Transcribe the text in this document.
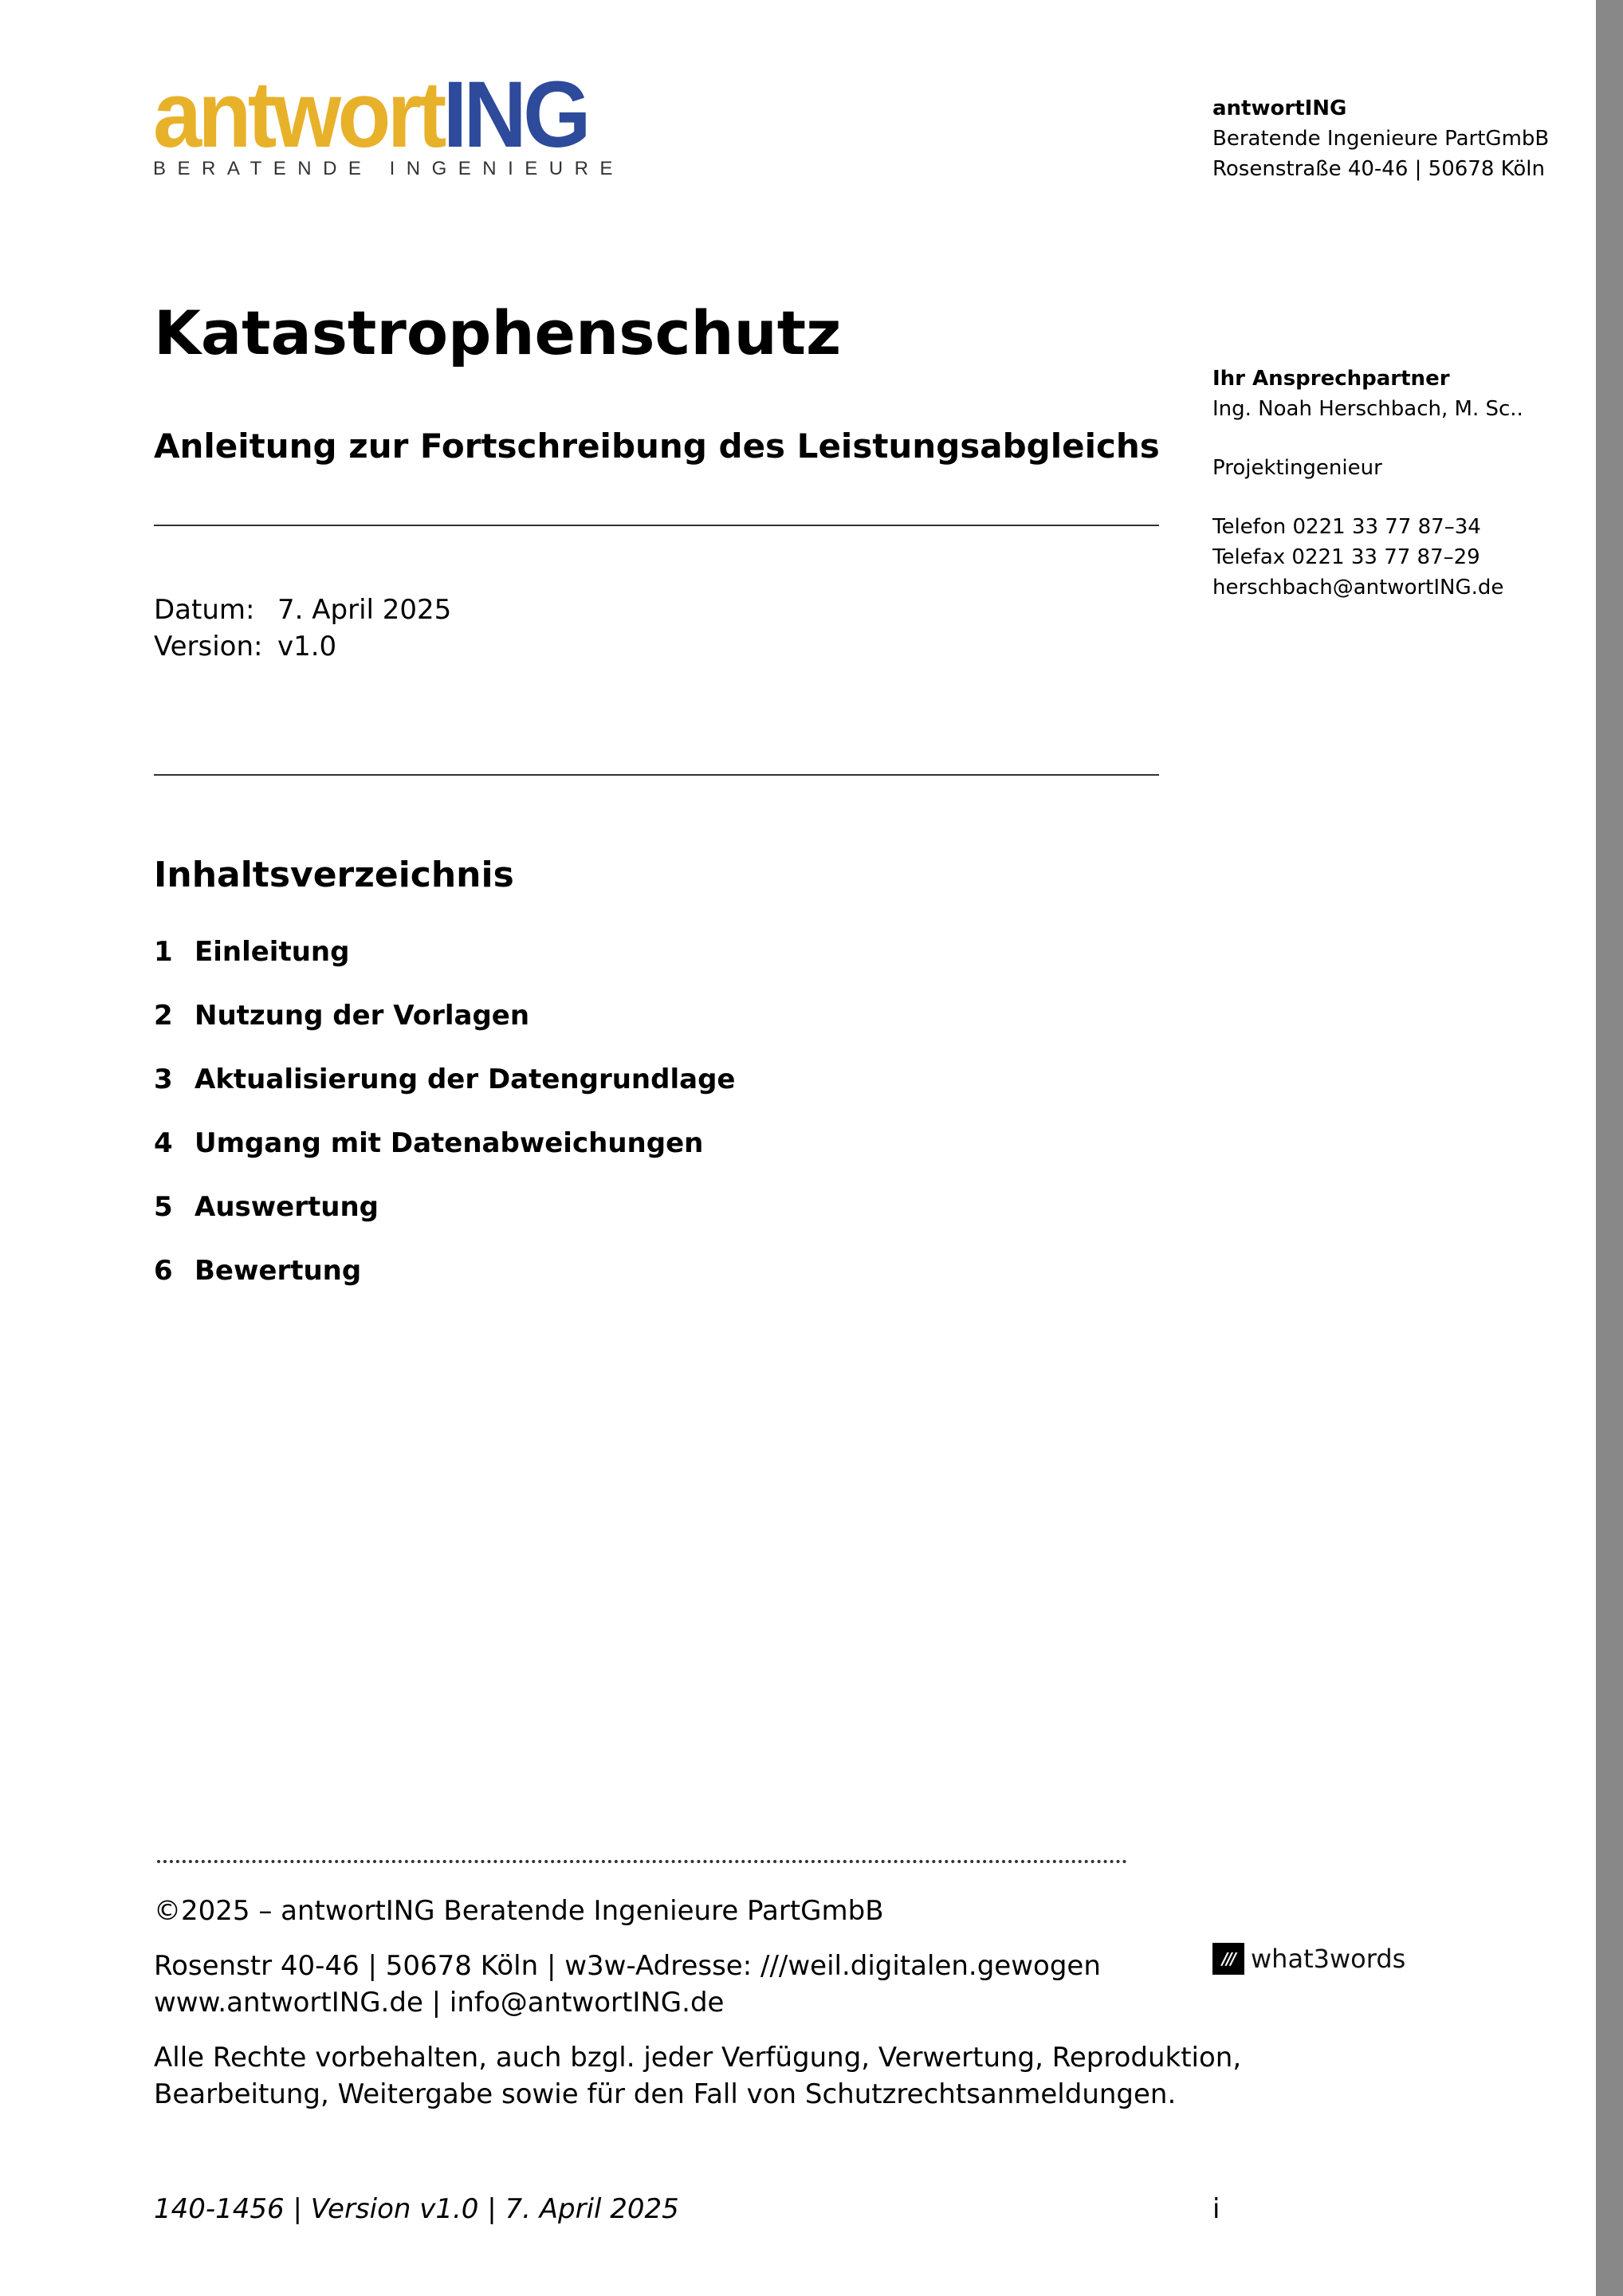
antwortING
BERATENDE INGENIEURE
antwortING
Beratende Ingenieure PartGmbB
Rosenstraße 40-46 | 50678 Köln
Ihr Ansprechpartner
Ing. Noah Herschbach, M. Sc..
Projektingenieur
Telefon 0221 33 77 87–34
Telefax 0221 33 77 87–29
herschbach@antwortING.de
Katastrophenschutz
Anleitung zur Fortschreibung des Leistungsabgleichs
Datum: 7. April 2025
Version: v1.0
Inhaltsverzeichnis
1 Einleitung
2 Nutzung der Vorlagen
3 Aktualisierung der Datengrundlage
4 Umgang mit Datenabweichungen
5 Auswertung
6 Bewertung
©2025 – antwortING Beratende Ingenieure PartGmbB
Rosenstr 40-46 | 50678 Köln | w3w-Adresse: ///weil.digitalen.gewogen
www.antwortING.de | info@antwortING.de
Alle Rechte vorbehalten, auch bzgl. jeder Verfügung, Verwertung, Reproduktion,
Bearbeitung, Weitergabe sowie für den Fall von Schutzrechtsanmeldungen.
/// what3words
140-1456 | Version v1.0 | 7. April 2025	i
